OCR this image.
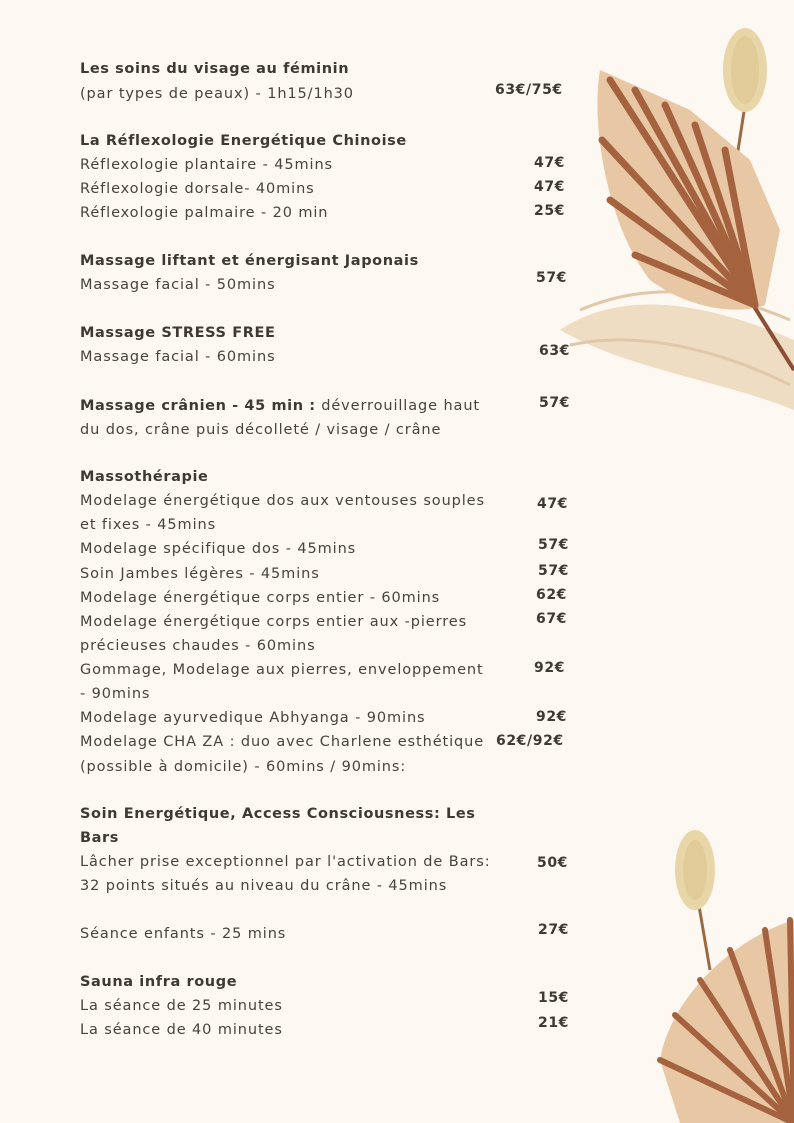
Les soins du visage au féminin
(par types de peaux) - 1h15/1h30	63€/75€
La Réflexologie Energétique Chinoise
Réflexologie plantaire - 45mins	47€
Réflexologie dorsale- 40mins	47€
Réflexologie palmaire - 20 min	25€
Massage liftant et énergisant Japonais
Massage facial - 50mins	57€
Massage STRESS FREE
Massage facial - 60mins	63€
Massage crânien - 45 min : déverrouillage haut
du dos, crâne puis décolleté / visage / crâne
57€
Massothérapie
Modelage énergétique dos aux ventouses souples
et fixes - 45mins
47€
Modelage spécifique dos - 45mins	57€
Soin Jambes légères - 45mins	57€
Modelage énergétique corps entier - 60mins	62€
Modelage énergétique corps entier aux -pierres
précieuses chaudes - 60mins
67€
Gommage, Modelage aux pierres, enveloppement
- 90mins
92€
Modelage ayurvedique Abhyanga - 90mins	92€
Modelage CHA ZA : duo avec Charlene esthétique
(possible à domicile) - 60mins / 90mins:
62€/92€
Soin Energétique, Access Consciousness: Les
Bars
Lâcher prise exceptionnel par l'activation de Bars:
32 points situés au niveau du crâne - 45mins
50€
Séance enfants - 25 mins	27€
Sauna infra rouge
La séance de 25 minutes	15€
La séance de 40 minutes	21€
